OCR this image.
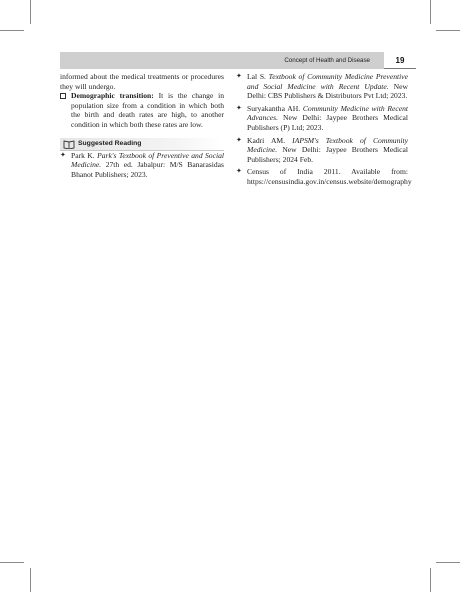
Concept of Health and Disease	19

informed about the medical treatments or procedures they will undergo.

Demographic transition: It is the change in population size from a condition in which both the birth and death rates are high, to another condition in which both these rates are low.

Suggested Reading

✦ Park K. Park's Textbook of Preventive and Social Medicine. 27th ed. Jabalpur: M/S Banarasidas Bhanot Publishers; 2023.

✦ Lal S. Textbook of Community Medicine Preventive and Social Medicine with Recent Update. New Delhi: CBS Publishers & Distributors Pvt Ltd; 2023.

✦ Suryakantha AH. Community Medicine with Recent Advances. New Delhi: Jaypee Brothers Medical Publishers (P) Ltd; 2023.

✦ Kadri AM. IAPSM's Textbook of Community Medicine. New Delhi: Jaypee Brothers Medical Publishers; 2024 Feb.

✦ Census of India 2011. Available from: https://censusindia.gov.in/census.website/demography
